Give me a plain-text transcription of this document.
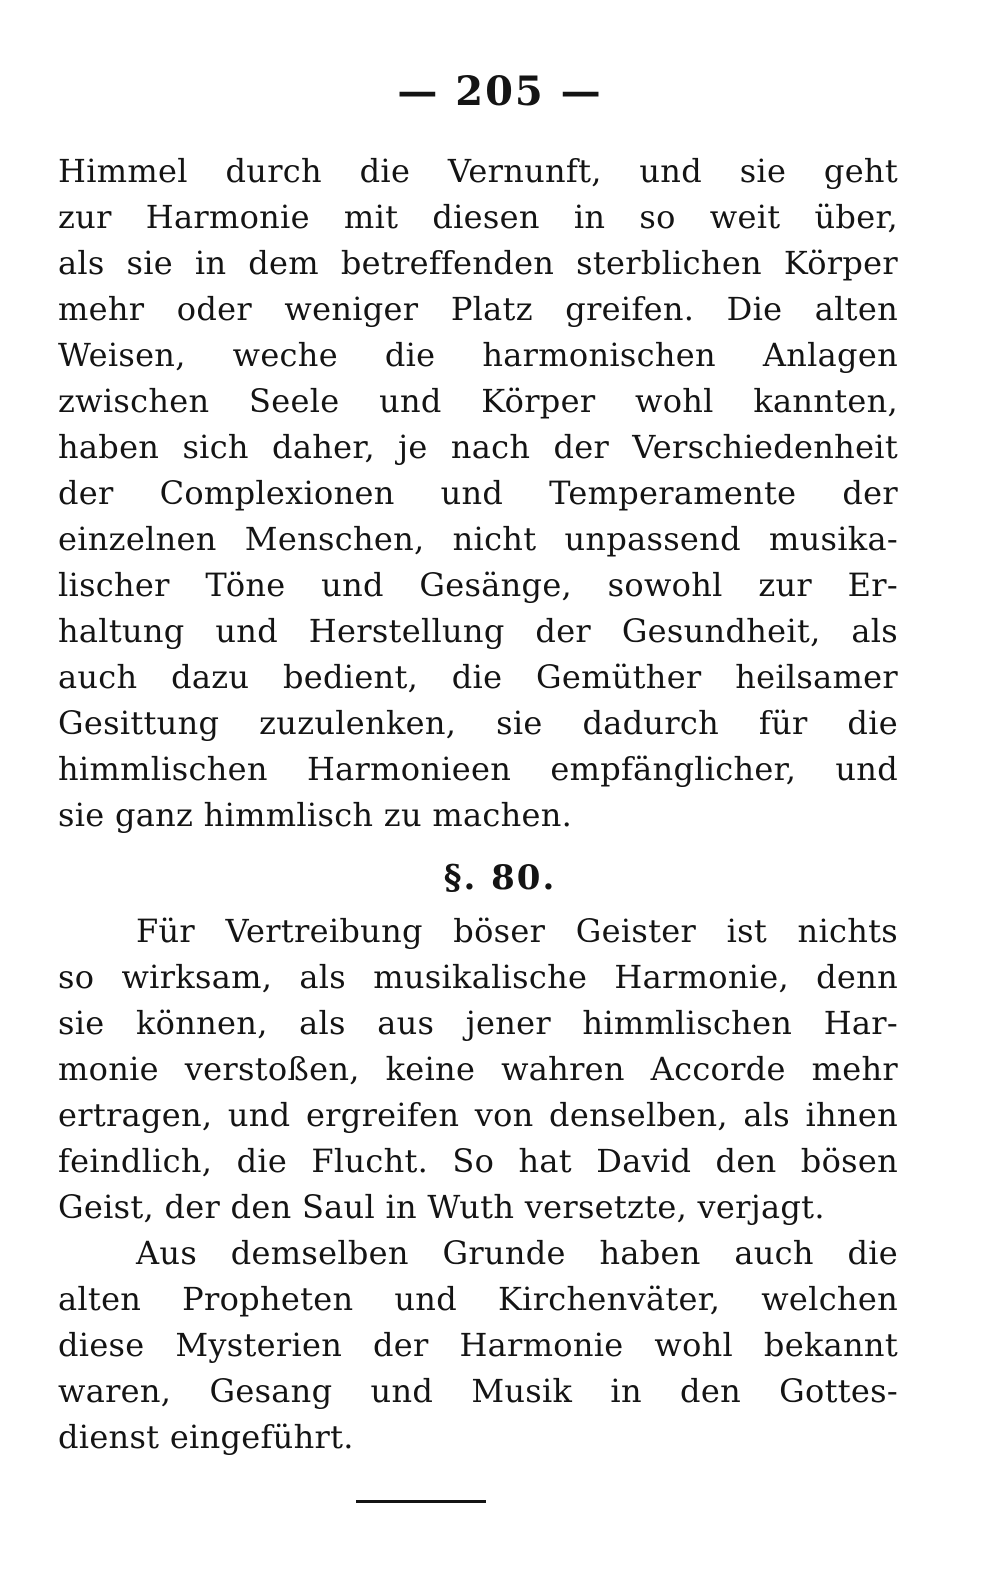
— 205 —
Himmel durch die Vernunft, und sie geht
zur Harmonie mit diesen in so weit über,
als sie in dem betreffenden sterblichen Körper
mehr oder weniger Platz greifen. Die alten
Weisen, weche die harmonischen Anlagen
zwischen Seele und Körper wohl kannten,
haben sich daher, je nach der Verschiedenheit
der Complexionen und Temperamente der
einzelnen Menschen, nicht unpassend musika-
lischer Töne und Gesänge, sowohl zur Er-
haltung und Herstellung der Gesundheit, als
auch dazu bedient, die Gemüther heilsamer
Gesittung zuzulenken, sie dadurch für die
himmlischen Harmonieen empfänglicher, und
sie ganz himmlisch zu machen.
§. 80.
Für Vertreibung böser Geister ist nichts
so wirksam, als musikalische Harmonie, denn
sie können, als aus jener himmlischen Har-
monie verstoßen, keine wahren Accorde mehr
ertragen, und ergreifen von denselben, als ihnen
feindlich, die Flucht. So hat David den bösen
Geist, der den Saul in Wuth versetzte, verjagt.
Aus demselben Grunde haben auch die
alten Propheten und Kirchenväter, welchen
diese Mysterien der Harmonie wohl bekannt
waren, Gesang und Musik in den Gottes-
dienst eingeführt.
